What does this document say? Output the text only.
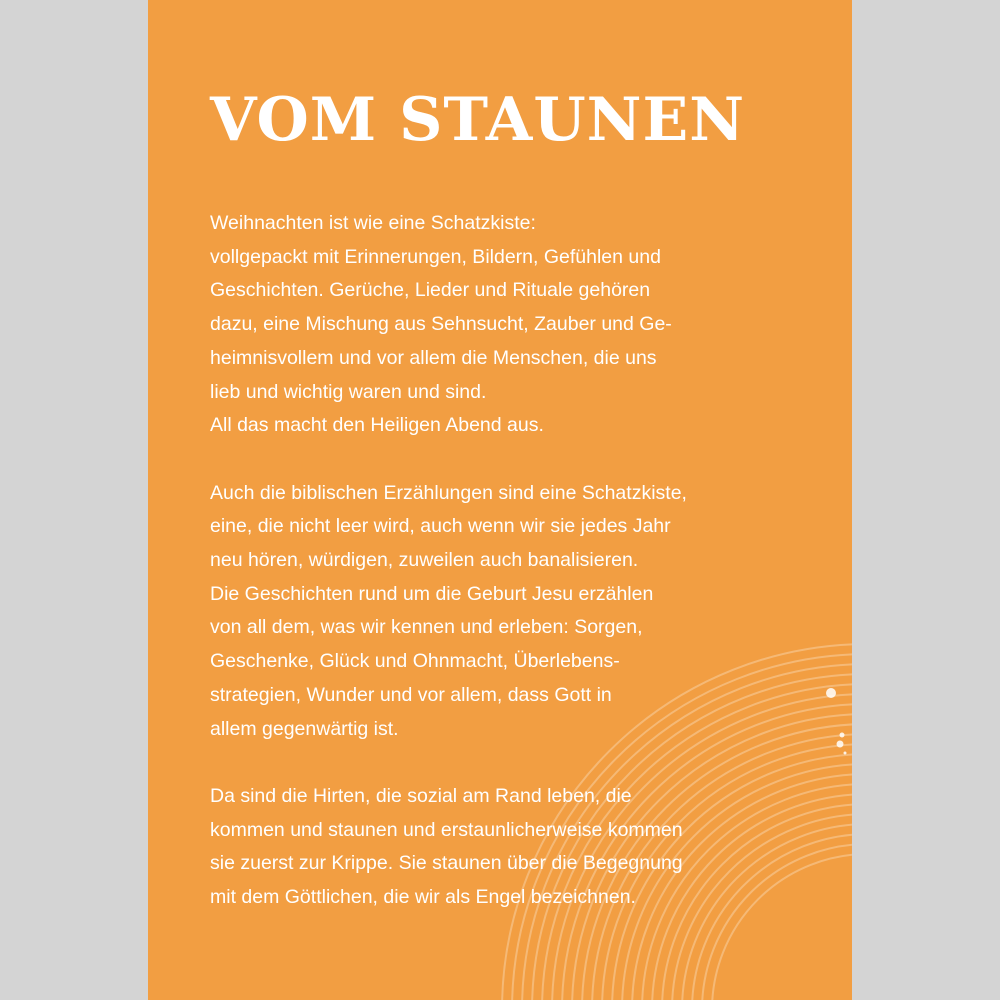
VOM STAUNEN

Weihnachten ist wie eine Schatzkiste:
vollgepackt mit Erinnerungen, Bildern, Gefühlen und
Geschichten. Gerüche, Lieder und Rituale gehören
dazu, eine Mischung aus Sehnsucht, Zauber und Ge-
heimnisvollem und vor allem die Menschen, die uns
lieb und wichtig waren und sind.
All das macht den Heiligen Abend aus.

Auch die biblischen Erzählungen sind eine Schatzkiste,
eine, die nicht leer wird, auch wenn wir sie jedes Jahr
neu hören, würdigen, zuweilen auch banalisieren.
Die Geschichten rund um die Geburt Jesu erzählen
von all dem, was wir kennen und erleben: Sorgen,
Geschenke, Glück und Ohnmacht, Überlebens-
strategien, Wunder und vor allem, dass Gott in
allem gegenwärtig ist.

Da sind die Hirten, die sozial am Rand leben, die
kommen und staunen und erstaunlicherweise kommen
sie zuerst zur Krippe. Sie staunen über die Begegnung
mit dem Göttlichen, die wir als Engel bezeichnen.
